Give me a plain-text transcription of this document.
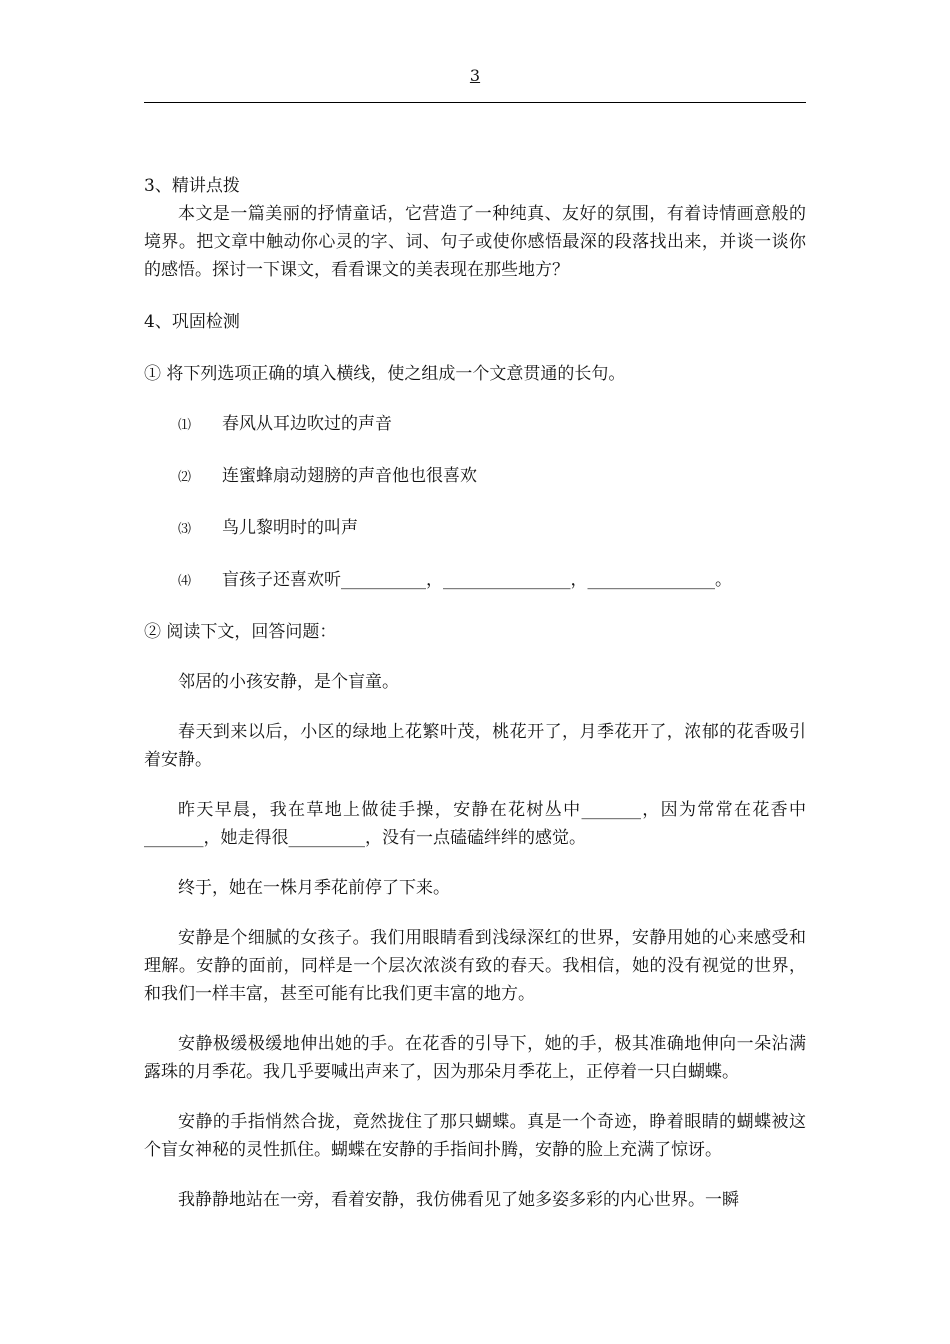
3

3、精讲点拨

本文是一篇美丽的抒情童话，它营造了一种纯真、友好的氛围，有着诗情画意般的境界。把文章中触动你心灵的字、词、句子或使你感悟最深的段落找出来，并谈一谈你的感悟。探讨一下课文，看看课文的美表现在那些地方？

4、巩固检测

① 将下列选项正确的填入横线，使之组成一个文意贯通的长句。

⑴	春风从耳边吹过的声音

⑵	连蜜蜂扇动翅膀的声音他也很喜欢

⑶	鸟儿黎明时的叫声

⑷	盲孩子还喜欢听__________，_______________，_______________。

② 阅读下文，回答问题：

邻居的小孩安静，是个盲童。

春天到来以后，小区的绿地上花繁叶茂，桃花开了，月季花开了，浓郁的花香吸引着安静。

昨天早晨，我在草地上做徒手操，安静在花树丛中_______，因为常常在花香中_______，她走得很_________，没有一点磕磕绊绊的感觉。

终于，她在一株月季花前停了下来。

安静是个细腻的女孩子。我们用眼睛看到浅绿深红的世界，安静用她的心来感受和理解。安静的面前，同样是一个层次浓淡有致的春天。我相信，她的没有视觉的世界，和我们一样丰富，甚至可能有比我们更丰富的地方。

安静极缓极缓地伸出她的手。在花香的引导下，她的手，极其准确地伸向一朵沾满露珠的月季花。我几乎要喊出声来了，因为那朵月季花上，正停着一只白蝴蝶。

安静的手指悄然合拢，竟然拢住了那只蝴蝶。真是一个奇迹，睁着眼睛的蝴蝶被这个盲女神秘的灵性抓住。蝴蝶在安静的手指间扑腾，安静的脸上充满了惊讶。

我静静地站在一旁，看着安静，我仿佛看见了她多姿多彩的内心世界。一瞬
